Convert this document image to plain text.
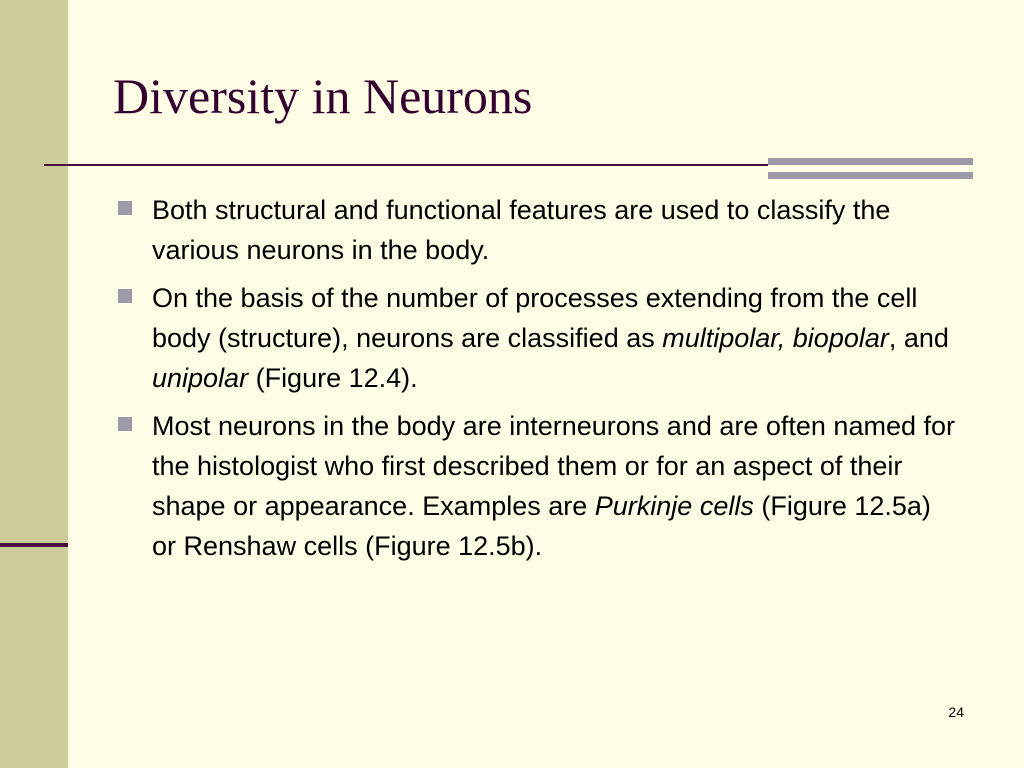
Diversity in Neurons
Both structural and functional features are used to classify the various neurons in the body.
On the basis of the number of processes extending from the cell body (structure), neurons are classified as multipolar, biopolar, and unipolar (Figure 12.4).
Most neurons in the body are interneurons and are often named for the histologist who first described them or for an aspect of their shape or appearance. Examples are Purkinje cells (Figure 12.5a) or Renshaw cells (Figure 12.5b).
24
